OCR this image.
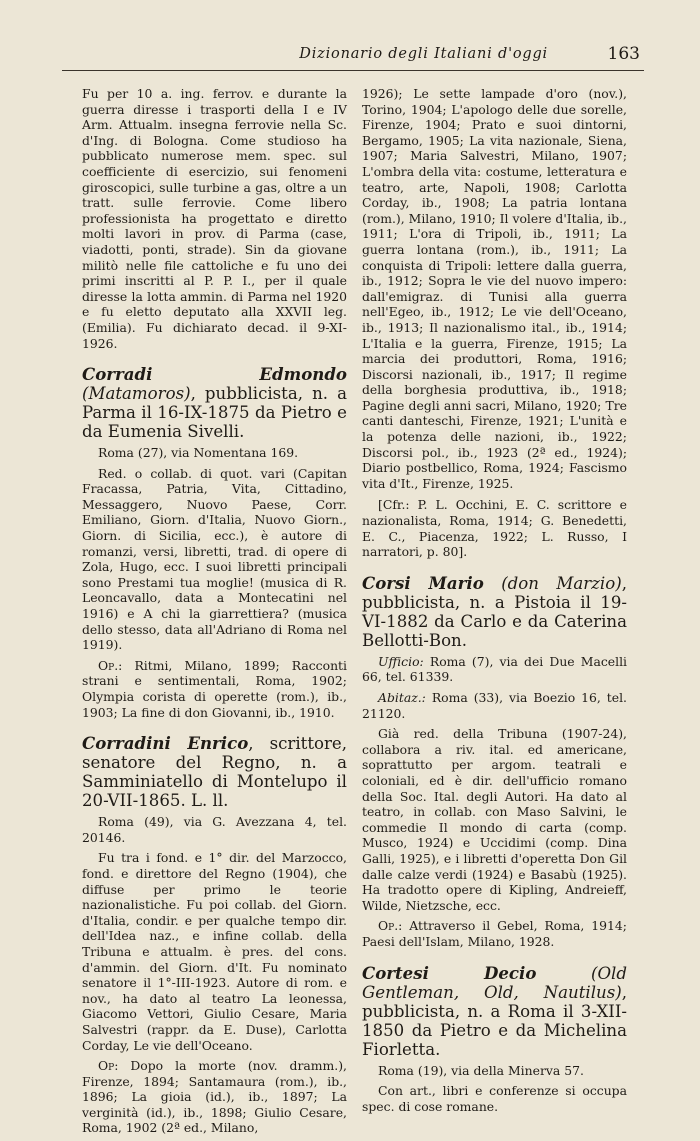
Dizionario degli Italiani d'oggi	163

Fu per 10 a. ing. ferrov. e durante la guerra diresse i trasporti della I e IV Arm. Attualm. insegna ferrovie nella Sc. d'Ing. di Bologna. Come studioso ha pubblicato numerose mem. spec. sul coefficiente di esercizio, sui fenomeni giroscopici, sulle turbine a gas, oltre a un tratt. sulle ferrovie. Come libero professionista ha progettato e diretto molti lavori in prov. di Parma (case, viadotti, ponti, strade). Sin da giovane militò nelle file cattoliche e fu uno dei primi inscritti al P. P. I., per il quale diresse la lotta ammin. di Parma nel 1920 e fu eletto deputato alla XXVII leg. (Emilia). Fu dichiarato decad. il 9-XI-1926.

Corradi Edmondo (Matamoros), pubblicista, n. a Parma il 16-IX-1875 da Pietro e da Eumenia Sivelli.

Roma (27), via Nomentana 169.

Red. o collab. di quot. vari (Capitan Fracassa, Patria, Vita, Cittadino, Messaggero, Nuovo Paese, Corr. Emiliano, Giorn. d'Italia, Nuovo Giorn., Giorn. di Sicilia, ecc.), è autore di romanzi, versi, libretti, trad. di opere di Zola, Hugo, ecc. I suoi libretti principali sono Prestami tua moglie! (musica di R. Leoncavallo, data a Montecatini nel 1916) e A chi la giarrettiera? (musica dello stesso, data all'Adriano di Roma nel 1919).

Op.: Ritmi, Milano, 1899; Racconti strani e sentimentali, Roma, 1902; Olympia corista di operette (rom.), ib., 1903; La fine di don Giovanni, ib., 1910.

Corradini Enrico, scrittore, senatore del Regno, n. a Samminiatello di Montelupo il 20-VII-1865. L. ll.

Roma (49), via G. Avezzana 4, tel. 20146.

Fu tra i fond. e 1° dir. del Marzocco, fond. e direttore del Regno (1904), che diffuse per primo le teorie nazionalistiche. Fu poi collab. del Giorn. d'Italia, condir. e per qualche tempo dir. dell'Idea naz., e infine collab. della Tribuna e attualm. è pres. del cons. d'ammin. del Giorn. d'It. Fu nominato senatore il 1°-III-1923. Autore di rom. e nov., ha dato al teatro La leonessa, Giacomo Vettori, Giulio Cesare, Maria Salvestri (rappr. da E. Duse), Carlotta Corday, Le vie dell'Oceano.

Op: Dopo la morte (nov. dramm.), Firenze, 1894; Santamaura (rom.), ib., 1896; La gioia (id.), ib., 1897; La verginità (id.), ib., 1898; Giulio Cesare, Roma, 1902 (2ª ed., Milano,

1926); Le sette lampade d'oro (nov.), Torino, 1904; L'apologo delle due sorelle, Firenze, 1904; Prato e suoi dintorni, Bergamo, 1905; La vita nazionale, Siena, 1907; Maria Salvestri, Milano, 1907; L'ombra della vita: costume, letteratura e teatro, arte, Napoli, 1908; Carlotta Corday, ib., 1908; La patria lontana (rom.), Milano, 1910; Il volere d'Italia, ib., 1911; L'ora di Tripoli, ib., 1911; La guerra lontana (rom.), ib., 1911; La conquista di Tripoli: lettere dalla guerra, ib., 1912; Sopra le vie del nuovo impero: dall'emigraz. di Tunisi alla guerra nell'Egeo, ib., 1912; Le vie dell'Oceano, ib., 1913; Il nazionalismo ital., ib., 1914; L'Italia e la guerra, Firenze, 1915; La marcia dei produttori, Roma, 1916; Discorsi nazionali, ib., 1917; Il regime della borghesia produttiva, ib., 1918; Pagine degli anni sacri, Milano, 1920; Tre canti danteschi, Firenze, 1921; L'unità e la potenza delle nazioni, ib., 1922; Discorsi pol., ib., 1923 (2ª ed., 1924); Diario postbellico, Roma, 1924; Fascismo vita d'It., Firenze, 1925.

[Cfr.: P. L. Occhini, E. C. scrittore e nazionalista, Roma, 1914; G. Benedetti, E. C., Piacenza, 1922; L. Russo, I narratori, p. 80].

Corsi Mario (don Marzio), pubblicista, n. a Pistoia il 19-VI-1882 da Carlo e da Caterina Bellotti-Bon.

Ufficio: Roma (7), via dei Due Macelli 66, tel. 61339.

Abitaz.: Roma (33), via Boezio 16, tel. 21120.

Già red. della Tribuna (1907-24), collabora a riv. ital. ed americane, soprattutto per argom. teatrali e coloniali, ed è dir. dell'ufficio romano della Soc. Ital. degli Autori. Ha dato al teatro, in collab. con Maso Salvini, le commedie Il mondo di carta (comp. Musco, 1924) e Uccidimi (comp. Dina Galli, 1925), e i libretti d'operetta Don Gil dalle calze verdi (1924) e Basabù (1925). Ha tradotto opere di Kipling, Andreieff, Wilde, Nietzsche, ecc.

Op.: Attraverso il Gebel, Roma, 1914; Paesi dell'Islam, Milano, 1928.

Cortesi Decio	(Old Gentleman, Old, Nautilus), pubblicista, n. a Roma il 3-XII-1850 da Pietro e da Michelina Fiorletta.

Roma (19), via della Minerva 57.

Con art., libri e conferenze si occupa spec. di cose romane.
